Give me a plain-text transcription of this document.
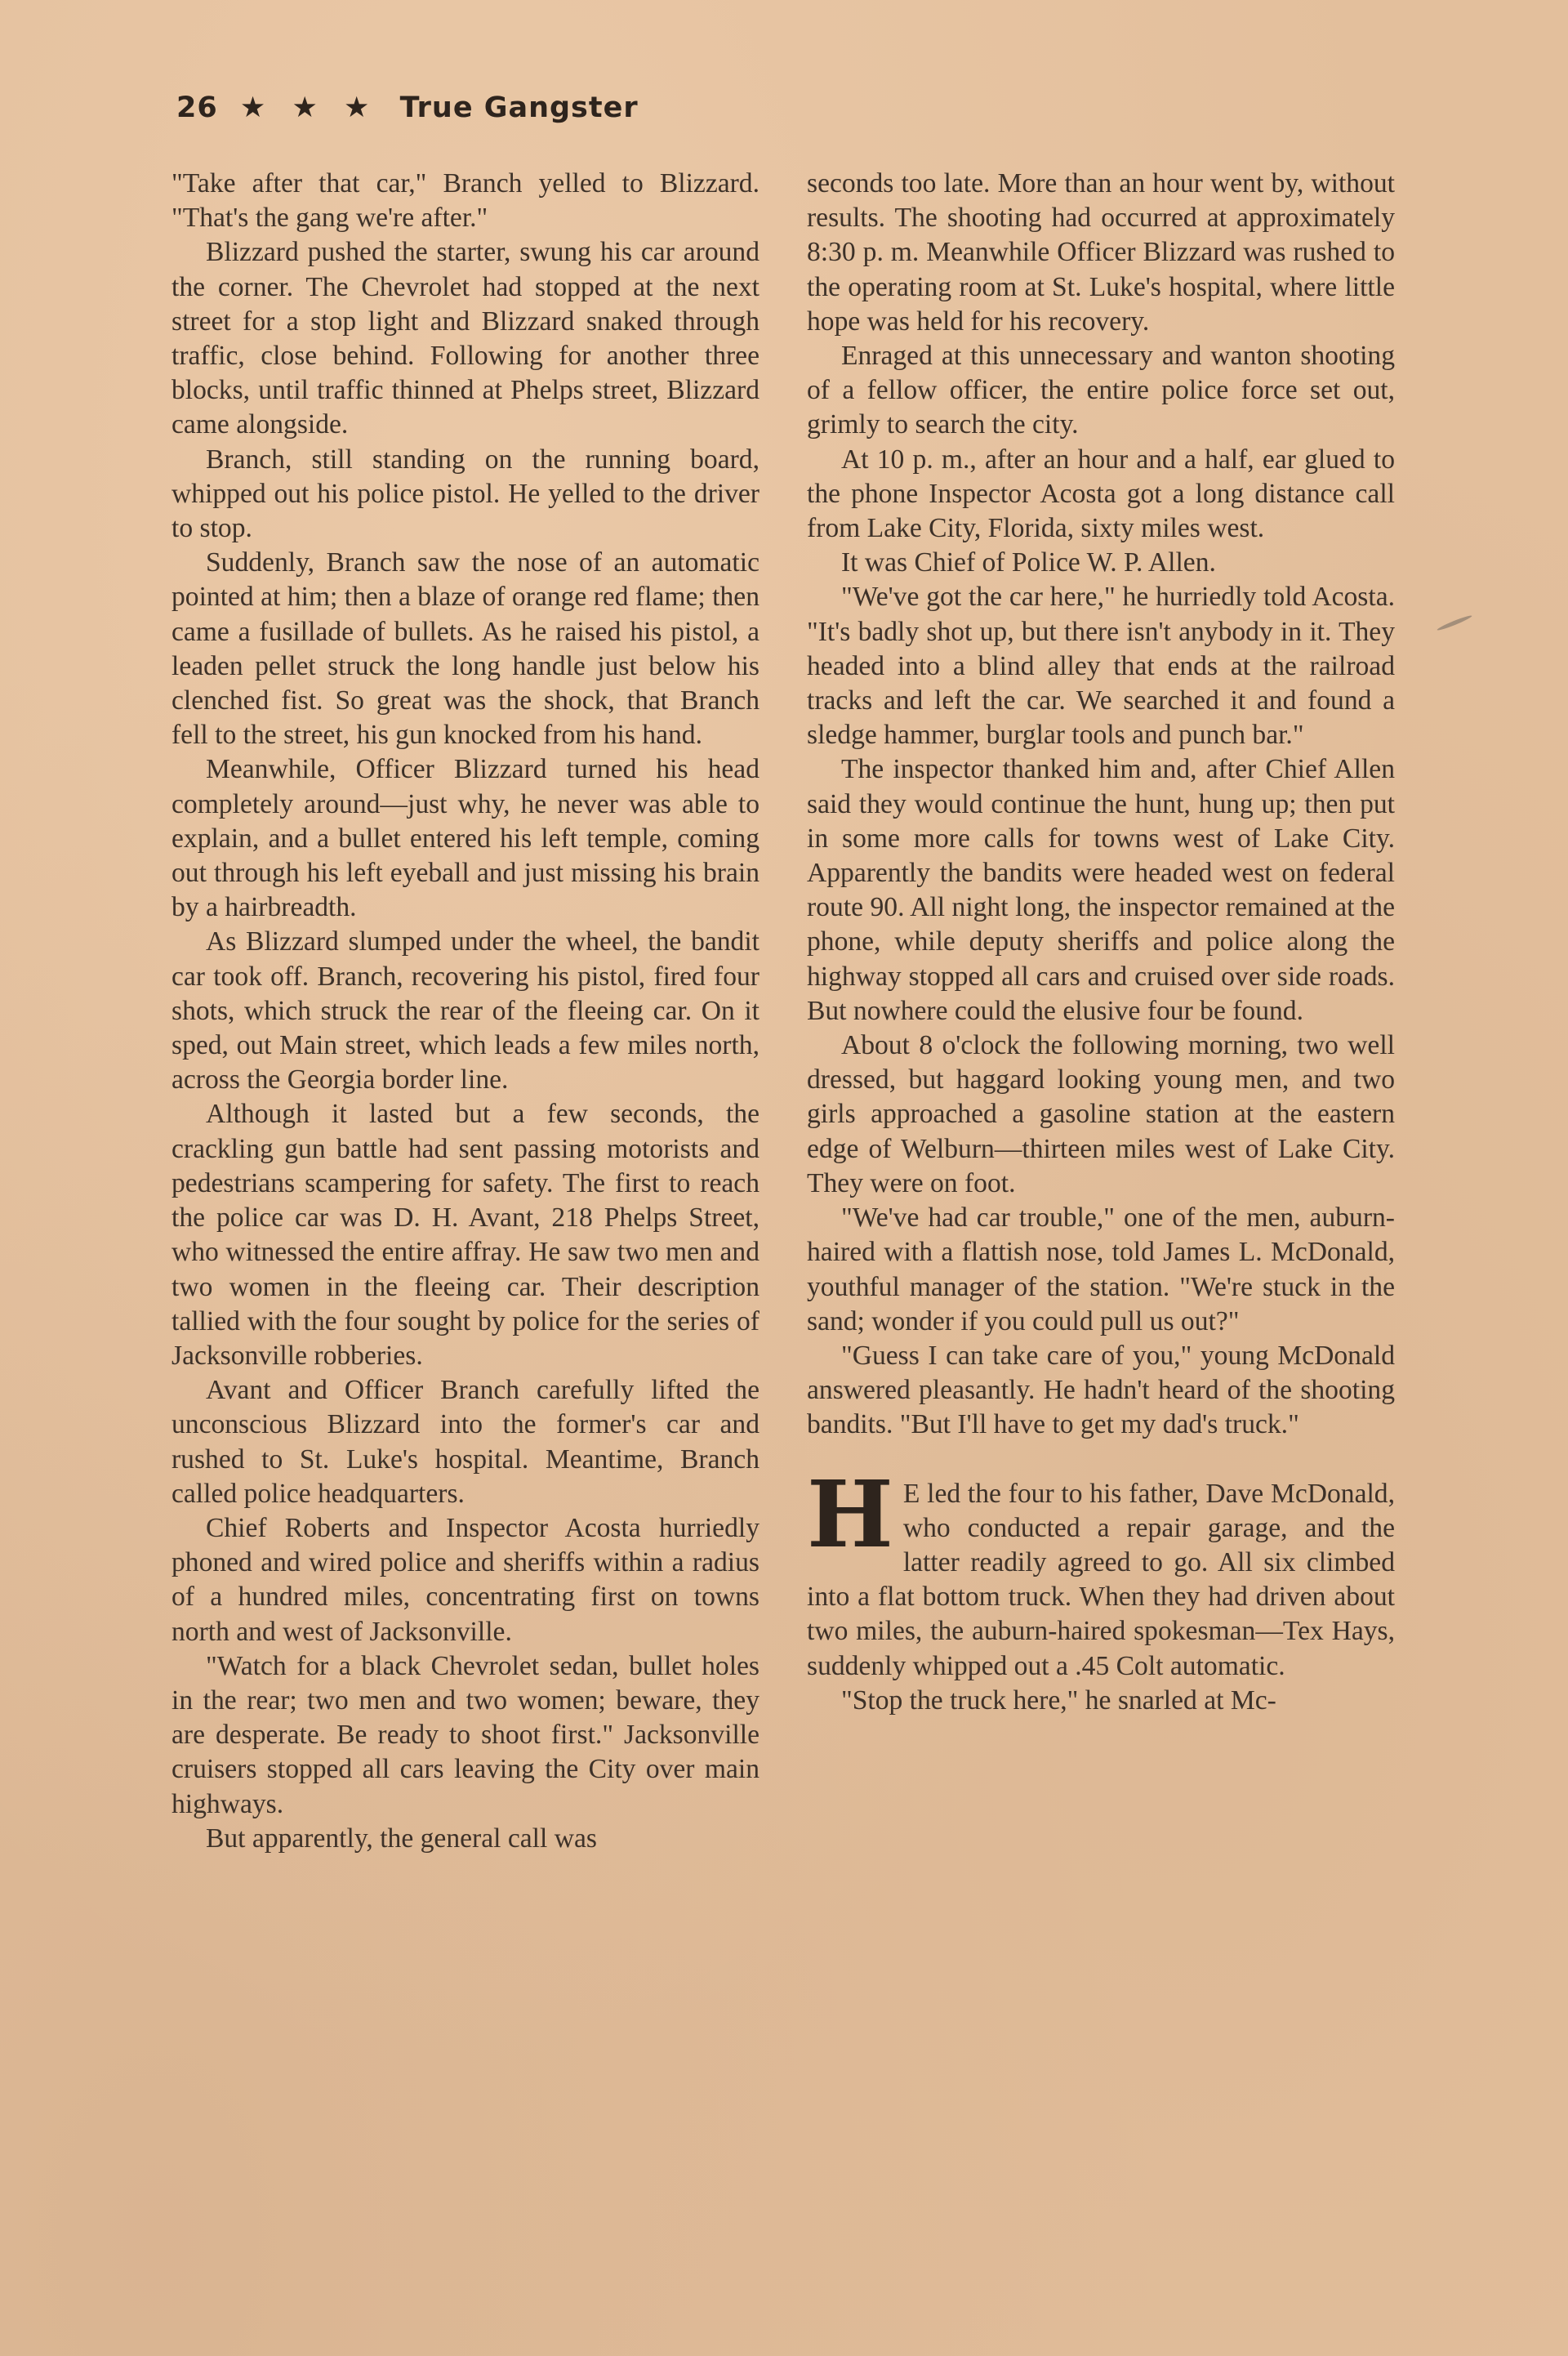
26 ★ ★ ★ True Gangster

"Take after that car," Branch yelled to Blizzard. "That's the gang we're after."

Blizzard pushed the starter, swung his car around the corner. The Chevrolet had stopped at the next street for a stop light and Blizzard snaked through traffic, close behind. Following for another three blocks, until traffic thinned at Phelps street, Blizzard came alongside.

Branch, still standing on the running board, whipped out his police pistol. He yelled to the driver to stop.

Suddenly, Branch saw the nose of an automatic pointed at him; then a blaze of orange red flame; then came a fusillade of bullets. As he raised his pistol, a leaden pellet struck the long handle just below his clenched fist. So great was the shock, that Branch fell to the street, his gun knocked from his hand.

Meanwhile, Officer Blizzard turned his head completely around—just why, he never was able to explain, and a bullet entered his left temple, coming out through his left eyeball and just missing his brain by a hairbreadth.

As Blizzard slumped under the wheel, the bandit car took off. Branch, recovering his pistol, fired four shots, which struck the rear of the fleeing car. On it sped, out Main street, which leads a few miles north, across the Georgia border line.

Although it lasted but a few seconds, the crackling gun battle had sent passing motorists and pedestrians scampering for safety. The first to reach the police car was D. H. Avant, 218 Phelps Street, who witnessed the entire affray. He saw two men and two women in the fleeing car. Their description tallied with the four sought by police for the series of Jacksonville robberies.

Avant and Officer Branch carefully lifted the unconscious Blizzard into the former's car and rushed to St. Luke's hospital. Meantime, Branch called police headquarters.

Chief Roberts and Inspector Acosta hurriedly phoned and wired police and sheriffs within a radius of a hundred miles, concentrating first on towns north and west of Jacksonville.

"Watch for a black Chevrolet sedan, bullet holes in the rear; two men and two women; beware, they are desperate. Be ready to shoot first." Jacksonville cruisers stopped all cars leaving the City over main highways.

But apparently, the general call was

seconds too late. More than an hour went by, without results. The shooting had occurred at approximately 8:30 p. m. Meanwhile Officer Blizzard was rushed to the operating room at St. Luke's hospital, where little hope was held for his recovery.

Enraged at this unnecessary and wanton shooting of a fellow officer, the entire police force set out, grimly to search the city.

At 10 p. m., after an hour and a half, ear glued to the phone Inspector Acosta got a long distance call from Lake City, Florida, sixty miles west.

It was Chief of Police W. P. Allen.

"We've got the car here," he hurriedly told Acosta. "It's badly shot up, but there isn't anybody in it. They headed into a blind alley that ends at the railroad tracks and left the car. We searched it and found a sledge hammer, burglar tools and punch bar."

The inspector thanked him and, after Chief Allen said they would continue the hunt, hung up; then put in some more calls for towns west of Lake City. Apparently the bandits were headed west on federal route 90. All night long, the inspector remained at the phone, while deputy sheriffs and police along the highway stopped all cars and cruised over side roads. But nowhere could the elusive four be found.

About 8 o'clock the following morning, two well dressed, but haggard looking young men, and two girls approached a gasoline station at the eastern edge of Welburn—thirteen miles west of Lake City. They were on foot.

"We've had car trouble," one of the men, auburn-haired with a flattish nose, told James L. McDonald, youthful manager of the station. "We're stuck in the sand; wonder if you could pull us out?"

"Guess I can take care of you," young McDonald answered pleasantly. He hadn't heard of the shooting bandits. "But I'll have to get my dad's truck."

H E led the four to his father, Dave McDonald, who conducted a repair garage, and the latter readily agreed to go. All six climbed into a flat bottom truck. When they had driven about two miles, the auburn-haired spokesman—Tex Hays, suddenly whipped out a .45 Colt automatic.

"Stop the truck here," he snarled at Mc-
